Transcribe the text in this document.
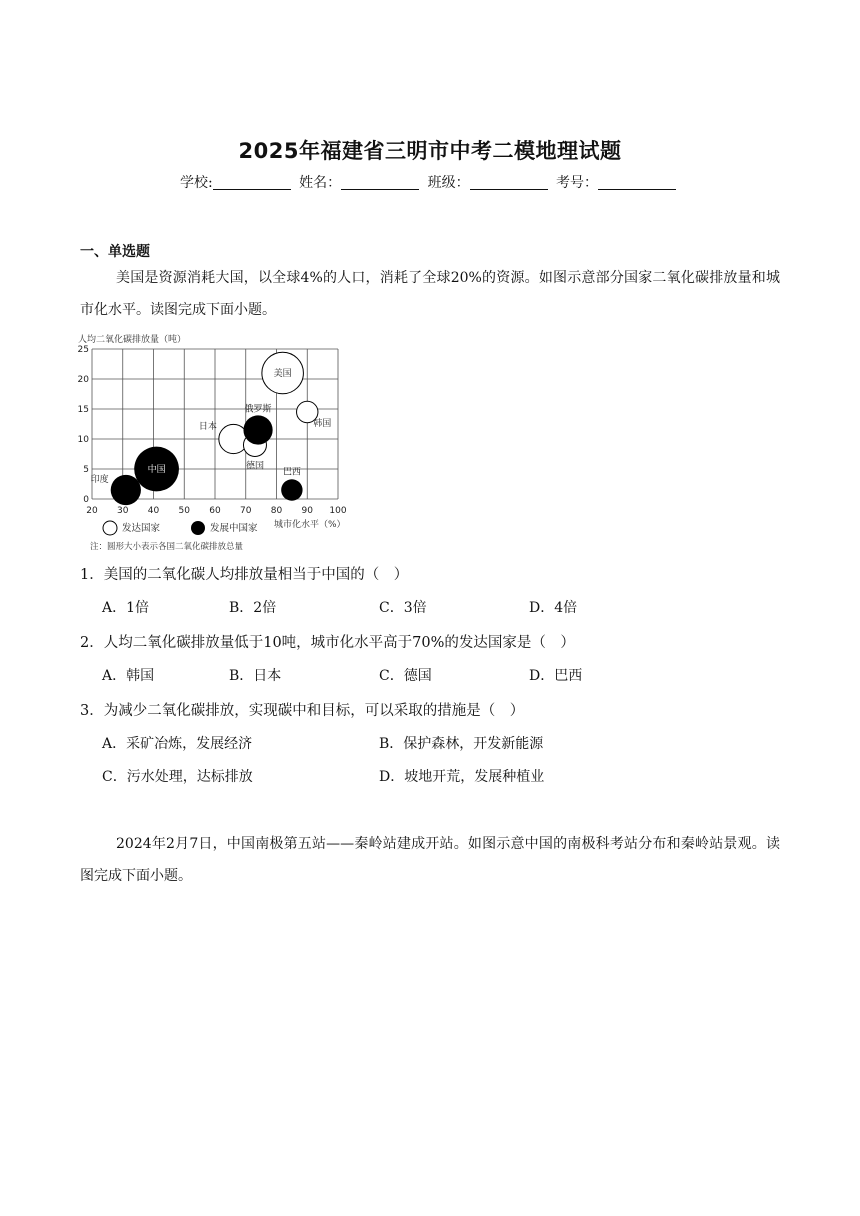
2025年福建省三明市中考二模地理试题
学校:	姓名：	班级：	考号：
一、单选题
美国是资源消耗大国，以全球4%的人口，消耗了全球20%的资源。如图示意部分国家二氧化碳排放量和城市化水平。读图完成下面小题。
人均二氧化碳排放量（吨）
20 30 40 50 60 70 80 90 100
0
5
10
15
20
25
美国
日本
德国
韩国
中国
俄罗斯
印度
巴西
城市化水平（%）
发达国家	发展中国家
注：圆形大小表示各国二氧化碳排放总量
1．美国的二氧化碳人均排放量相当于中国的（　）
A．1倍	B．2倍	C．3倍	D．4倍
2．人均二氧化碳排放量低于10吨，城市化水平高于70%的发达国家是（　）
A．韩国	B．日本	C．德国	D．巴西
3．为减少二氧化碳排放，实现碳中和目标，可以采取的措施是（　）
A．采矿冶炼，发展经济	B．保护森林，开发新能源
C．污水处理，达标排放	D．坡地开荒，发展种植业
2024年2月7日，中国南极第五站——秦岭站建成开站。如图示意中国的南极科考站分布和秦岭站景观。读图完成下面小题。
